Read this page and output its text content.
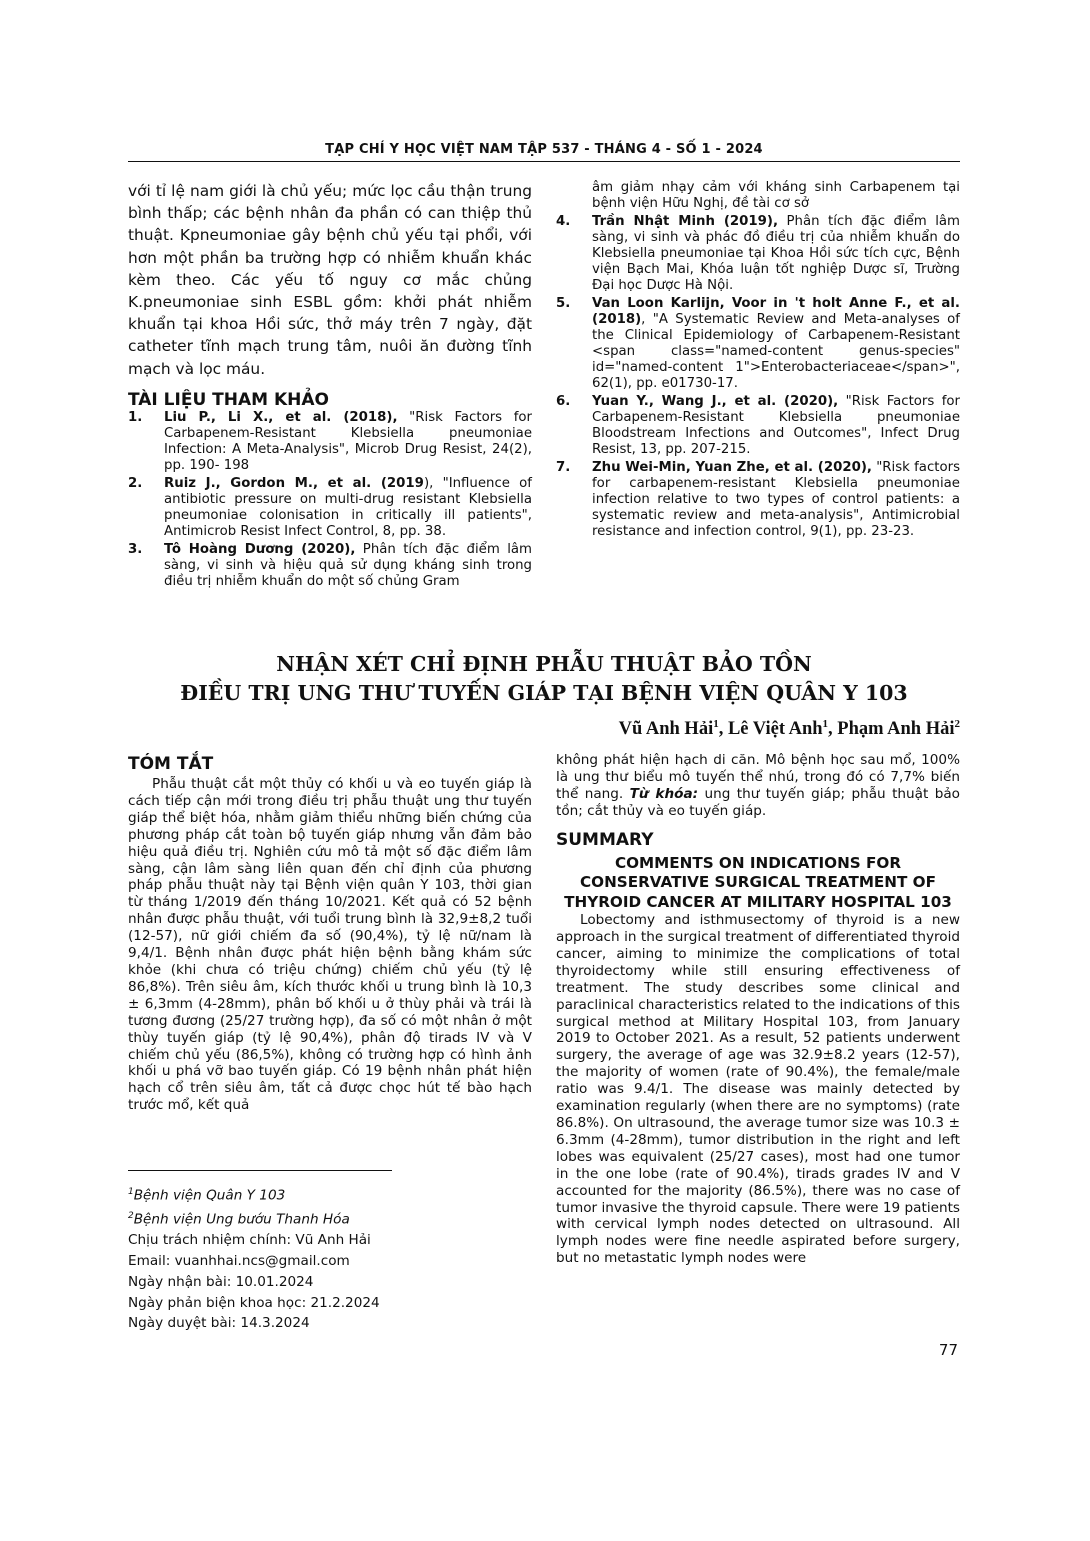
TẠP CHÍ Y HỌC VIỆT NAM TẬP 537 - THÁNG 4 - SỐ 1 - 2024

với tỉ lệ nam giới là chủ yếu; mức lọc cầu thận trung bình thấp; các bệnh nhân đa phần có can thiệp thủ thuật. Kpneumoniae gây bệnh chủ yếu tại phổi, với hơn một phần ba trường hợp có nhiễm khuẩn khác kèm theo. Các yếu tố nguy cơ mắc chủng K.pneumoniae sinh ESBL gồm: khởi phát nhiễm khuẩn tại khoa Hồi sức, thở máy trên 7 ngày, đặt catheter tĩnh mạch trung tâm, nuôi ăn đường tĩnh mạch và lọc máu.

TÀI LIỆU THAM KHẢO

1.	Liu P., Li X., et al. (2018), "Risk Factors for Carbapenem-Resistant Klebsiella pneumoniae Infection: A Meta-Analysis", Microb Drug Resist, 24(2), pp. 190- 198
2.	Ruiz J., Gordon M., et al. (2019), "Influence of antibiotic pressure on multi-drug resistant Klebsiella pneumoniae colonisation in critically ill patients", Antimicrob Resist Infect Control, 8, pp. 38.
3.	Tô Hoàng Dương (2020), Phân tích đặc điểm lâm sàng, vi sinh và hiệu quả sử dụng kháng sinh trong điều trị nhiễm khuẩn do một số chủng Gram
âm giảm nhạy cảm với kháng sinh Carbapenem tại bệnh viện Hữu Nghị, đề tài cơ sở
4.	Trần Nhật Minh (2019), Phân tích đặc điểm lâm sàng, vi sinh và phác đồ điều trị của nhiễm khuẩn do Klebsiella pneumoniae tại Khoa Hồi sức tích cực, Bệnh viện Bạch Mai, Khóa luận tốt nghiệp Dược sĩ, Trường Đại học Dược Hà Nội.
5.	Van Loon Karlijn, Voor in 't holt Anne F., et al. (2018), "A Systematic Review and Meta-analyses of the Clinical Epidemiology of Carbapenem-Resistant <span class="named-content genus-species" id="named-content 1">Enterobacteriaceae</span>", 62(1), pp. e01730-17.
6.	Yuan Y., Wang J., et al. (2020), "Risk Factors for Carbapenem-Resistant Klebsiella pneumoniae Bloodstream Infections and Outcomes", Infect Drug Resist, 13, pp. 207-215.
7.	Zhu Wei-Min, Yuan Zhe, et al. (2020), "Risk factors for carbapenem-resistant Klebsiella pneumoniae infection relative to two types of control patients: a systematic review and meta-analysis", Antimicrobial resistance and infection control, 9(1), pp. 23-23.
NHẬN XÉT CHỈ ĐỊNH PHẪU THUẬT BẢO TỒN
ĐIỀU TRỊ UNG THƯ TUYẾN GIÁP TẠI BỆNH VIỆN QUÂN Y 103
Vũ Anh Hải$^1$, Lê Việt Anh$^1$, Phạm Anh Hải$^2$

TÓM TẮT

Phẫu thuật cắt một thủy có khối u và eo tuyến giáp là cách tiếp cận mới trong điều trị phẫu thuật ung thư tuyến giáp thể biệt hóa, nhằm giảm thiểu những biến chứng của phương pháp cắt toàn bộ tuyến giáp nhưng vẫn đảm bảo hiệu quả điều trị. Nghiên cứu mô tả một số đặc điểm lâm sàng, cận lâm sàng liên quan đến chỉ định của phương pháp phẫu thuật này tại Bệnh viện quân Y 103, thời gian từ tháng 1/2019 đến tháng 10/2021. Kết quả có 52 bệnh nhân được phẫu thuật, với tuổi trung bình là 32,9±8,2 tuổi (12-57), nữ giới chiếm đa số (90,4%), tỷ lệ nữ/nam là 9,4/1. Bệnh nhân được phát hiện bệnh bằng khám sức khỏe (khi chưa có triệu chứng) chiếm chủ yếu (tỷ lệ 86,8%). Trên siêu âm, kích thước khối u trung bình là 10,3 ± 6,3mm (4-28mm), phân bố khối u ở thùy phải và trái là tương đương (25/27 trường hợp), đa số có một nhân ở một thùy tuyến giáp (tỷ lệ 90,4%), phân độ tirads IV và V chiếm chủ yếu (86,5%), không có trường hợp có hình ảnh khối u phá vỡ bao tuyến giáp. Có 19 bệnh nhân phát hiện hạch cổ trên siêu âm, tất cả được chọc hút tế bào hạch trước mổ, kết quả

$^1$Bệnh viện Quân Y 103
$^2$Bệnh viện Ung bướu Thanh Hóa
Chịu trách nhiệm chính: Vũ Anh Hải
Email: vuanhhai.ncs@gmail.com
Ngày nhận bài: 10.01.2024
Ngày phản biện khoa học: 21.2.2024
Ngày duyệt bài: 14.3.2024

không phát hiện hạch di căn. Mô bệnh học sau mổ, 100% là ung thư biểu mô tuyến thể nhú, trong đó có 7,7% biến thể nang. Từ khóa: ung thư tuyến giáp; phẫu thuật bảo tồn; cắt thủy và eo tuyến giáp.

SUMMARY

COMMENTS ON INDICATIONS FOR
CONSERVATIVE SURGICAL TREATMENT OF
THYROID CANCER AT MILITARY HOSPITAL 103

Lobectomy and isthmusectomy of thyroid is a new approach in the surgical treatment of differentiated thyroid cancer, aiming to minimize the complications of total thyroidectomy while still ensuring effectiveness of treatment. The study describes some clinical and paraclinical characteristics related to the indications of this surgical method at Military Hospital 103, from January 2019 to October 2021. As a result, 52 patients underwent surgery, the average of age was 32.9±8.2 years (12-57), the majority of women (rate of 90.4%), the female/male ratio was 9.4/1. The disease was mainly detected by examination regularly (when there are no symptoms) (rate 86.8%). On ultrasound, the average tumor size was 10.3 ± 6.3mm (4-28mm), tumor distribution in the right and left lobes was equivalent (25/27 cases), most had one tumor in the one lobe (rate of 90.4%), tirads grades IV and V accounted for the majority (86.5%), there was no case of tumor invasive the thyroid capsule. There were 19 patients with cervical lymph nodes detected on ultrasound. All lymph nodes were fine needle aspirated before surgery, but no metastatic lymph nodes were

77
